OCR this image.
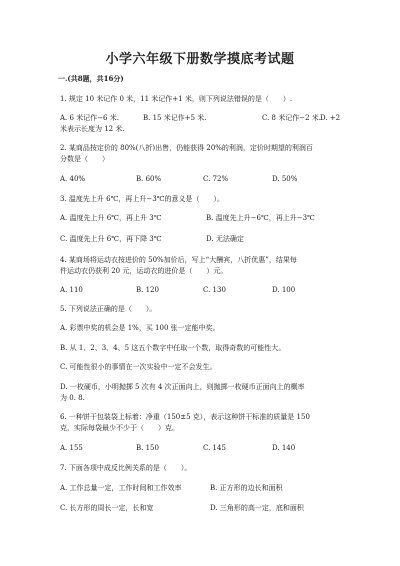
小学六年级下册数学摸底考试题
一.(共8题，共16分)
1. 规定 10 米记作 0 米，11 米记作+1 米，则下列说法错误的是（　　）.
A. 6 米记作−6 米.	B. 15 米记作+5 米.	C. 8 米记作−2 米.
D. +2
米表示长度为 12 米.
2. 某商品按定价的 80%(八折)出售，仍能获得 20%的利润，定价时期望的利润百
分数是（　　）
A. 40%	B. 60%	C. 72%	D. 50%
3. 温度先上升 6℃，再上升−3℃的意义是（　　）。
A. 温度先上升 6℃，再上升 3℃	B. 温度先上升−6℃，再上升−3℃
C. 温度先上升 6℃，再下降 3℃	D. 无法确定
4. 某商场将运动衣按进价的 50%加价后，写上“大酬宾，八折优惠”，结果每
件运动衣仍获利 20 元，运动衣的进价是（　　）元。
A. 110	B. 120	C. 130	D. 100
5. 下列说法正确的是（　　）。
A. 彩票中奖的机会是 1%，买 100 张一定能中奖。
B. 从 1、2、3、4、5 这五个数字中任取一个数，取得奇数的可能性大。
C. 可能性很小的事情在一次实验中一定不会发生。
D. 一枚硬币，小明抛掷 5 次有 4 次正面向上，则抛掷一枚硬币正面向上的概率
为 0. 8.
6. 一种饼干包装袋上标着：净重（150±5 克），表示这种饼干标准的质量是 150
克，实际每袋最少不少于（　　）克。
A. 155	B. 150	C. 145	D. 140
7. 下面各项中成反比例关系的是（　　）。
A. 工作总量一定，工作时间和工作效率	B. 正方形的边长和面积
C. 长方形的周长一定，长和宽	D. 三角形的高一定，底和面积
